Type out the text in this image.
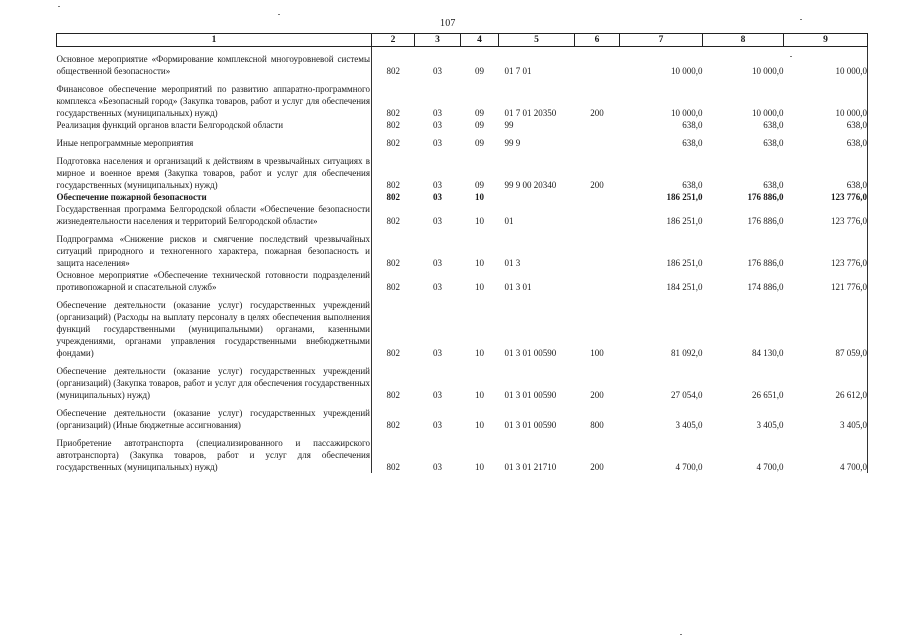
107
1	2	3	4	5	6	7	8	9

Основное мероприятие «Формирование комплексной многоуровневой системы общественной безопасности»	802	03	09	01 7 01		10 000,0	10 000,0	10 000,0

Финансовое обеспечение мероприятий по развитию аппаратно-программного комплекса «Безопасный город» (Закупка товаров, работ и услуг для обеспечения государственных (муниципальных) нужд)	802	03	09	01 7 01 20350	200	10 000,0	10 000,0	10 000,0
Реализация функций органов власти Белгородской области	802	03	09	99		638,0	638,0	638,0

Иные непрограммные мероприятия	802	03	09	99 9		638,0	638,0	638,0

Подготовка населения и организаций к действиям в чрезвычайных ситуациях в мирное и военное время (Закупка товаров, работ и услуг для обеспечения государственных (муниципальных) нужд)	802	03	09	99 9 00 20340	200	638,0	638,0	638,0
Обеспечение пожарной безопасности	802	03	10			186 251,0	176 886,0	123 776,0
Государственная программа Белгородской области «Обеспечение безопасности жизнедеятельности населения и территорий Белгородской области»	802	03	10	01		186 251,0	176 886,0	123 776,0

Подпрограмма «Снижение рисков и смягчение последствий чрезвычайных ситуаций природного и техногенного характера, пожарная безопасность и защита населения»	802	03	10	01 3		186 251,0	176 886,0	123 776,0
Основное мероприятие «Обеспечение технической готовности подразделений противопожарной и спасательной служб»	802	03	10	01 3 01		184 251,0	174 886,0	121 776,0

Обеспечение деятельности (оказание услуг) государственных учреждений (организаций) (Расходы на выплату персоналу в целях обеспечения выполнения функций государственными (муниципальными) органами, казенными учреждениями, органами управления государственными внебюджетными фондами)	802	03	10	01 3 01 00590	100	81 092,0	84 130,0	87 059,0

Обеспечение деятельности (оказание услуг) государственных учреждений (организаций) (Закупка товаров, работ и услуг для обеспечения государственных (муниципальных) нужд)	802	03	10	01 3 01 00590	200	27 054,0	26 651,0	26 612,0

Обеспечение деятельности (оказание услуг) государственных учреждений (организаций) (Иные бюджетные ассигнования)	802	03	10	01 3 01 00590	800	3 405,0	3 405,0	3 405,0

Приобретение автотранспорта (специализированного и пассажирского автотранспорта) (Закупка товаров, работ и услуг для обеспечения государственных (муниципальных) нужд)	802	03	10	01 3 01 21710	200	4 700,0	4 700,0	4 700,0
